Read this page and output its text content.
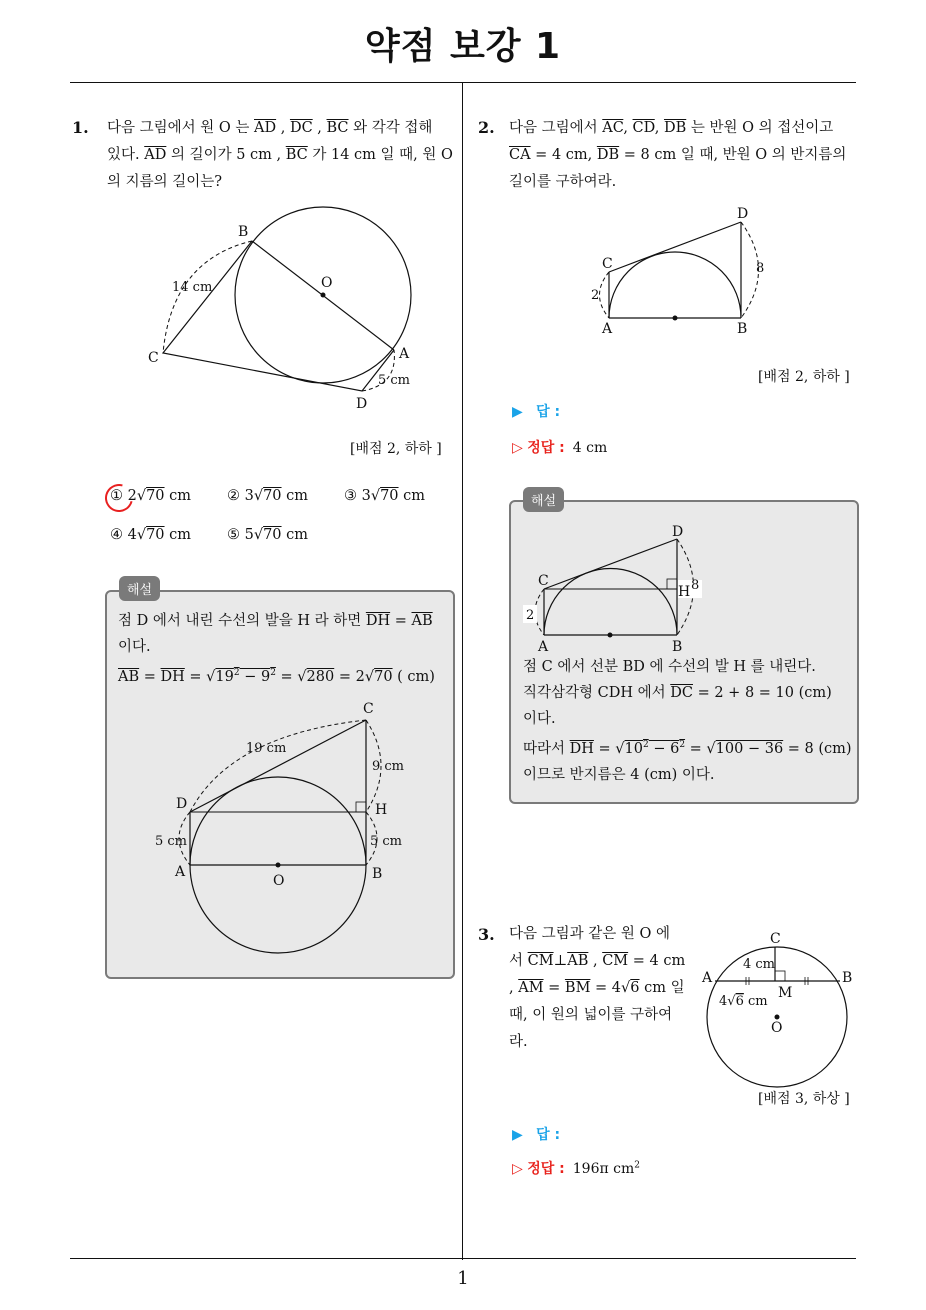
약점 보강 1
1
1. 다음 그림에서 원 O 는 $\overline{AD}$ , $\overline{DC}$ , $\overline{BC}$ 와 각각 접해
있다. $\overline{AD}$ 의 길이가 5 cm , $\overline{BC}$ 가 14 cm 일 때, 원 O
의 지름의 길이는?
B
O
C	A
D
14 cm
5 cm
[배점 2, 하하 ]
①
2√70 cm ② 3√70 cm ③ 3√70 cm
④ 4√70 cm ⑤ 5√70 cm
해설
점 D 에서 내린 수선의 발을 H 라 하면 $\overline{DH} = \overline{AB}$
이다.
$\overline{AB} = \overline{DH} = √19^2 - 9^2 = √280 = 2√70$ ( cm)
C
D	H
A	B
O
19 cm
9 cm
5 cm	5 cm
2. 다음 그림에서 $\overline{AC}$, $\overline{CD}$, $\overline{DB}$ 는 반원 O 의 접선이고
$\overline{CA} = 4$ cm, $\overline{DB} = 8$ cm 일 때, 반원 O 의 반지름의
길이를 구하여라.
D
C
A	B
8
2
[배점 2, 하하 ]
▶ 답 :
▷ 정답 : 4 cm
해설
D
C
H 8
A	B
2
점 C 에서 선분 BD 에 수선의 발 H 를 내린다.
직각삼각형 CDH 에서 $\overline{DC} = 2 + 8 = 10$ (cm)
이다.
따라서 $\overline{DH} = √10^2 - 6^2 = √100 - 36 = 8$ (cm)
이므로 반지름은 4 (cm) 이다.
3. 다음 그림과 같은 원 O 에
서 $\overline{CM}\perp\overline{AB}$ , $\overline{CM} = 4$ cm
, $\overline{AM} = \overline{BM} = 4√6$ cm 일
때, 이 원의 넓이를 구하여
라.
C
A	B
M
O
4 cm
4√6 cm
[배점 3, 하상 ]
▶ 답 :
▷ 정답 : 196π $cm^2$
